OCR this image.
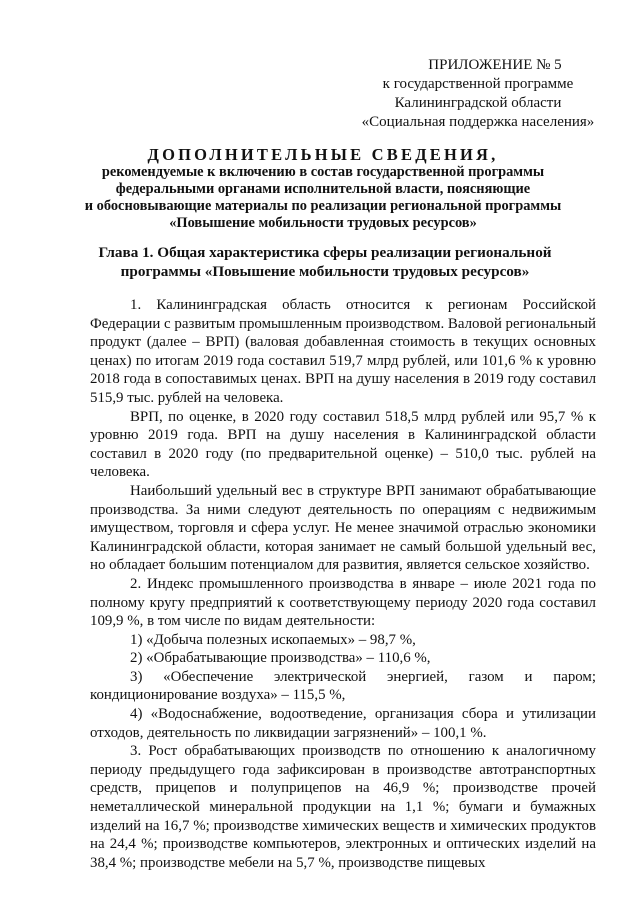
ПРИЛОЖЕНИЕ № 5
к государственной программе
Калининградской области
«Социальная поддержка населения»
ДОПОЛНИТЕЛЬНЫЕ СВЕДЕНИЯ,
рекомендуемые к включению в состав государственной программы
федеральными органами исполнительной власти, поясняющие
и обосновывающие материалы по реализации региональной программы
«Повышение мобильности трудовых ресурсов»
Глава 1. Общая характеристика сферы реализации региональной
программы «Повышение мобильности трудовых ресурсов»

1. Калининградская область относится к регионам Российской Федерации с развитым промышленным производством. Валовой региональный продукт (далее – ВРП) (валовая добавленная стоимость в текущих основных ценах) по итогам 2019 года составил 519,7 млрд рублей, или 101,6 % к уровню 2018 года в сопоставимых ценах. ВРП на душу населения в 2019 году составил 515,9 тыс. рублей на человека.

ВРП, по оценке, в 2020 году составил 518,5 млрд рублей или 95,7 % к уровню 2019 года. ВРП на душу населения в Калининградской области составил в 2020 году (по предварительной оценке) – 510,0 тыс. рублей на человека.

Наибольший удельный вес в структуре ВРП занимают обрабатывающие производства. За ними следуют деятельность по операциям с недвижимым имуществом, торговля и сфера услуг. Не менее значимой отраслью экономики Калининградской области, которая занимает не самый большой удельный вес, но обладает большим потенциалом для развития, является сельское хозяйство.

2. Индекс промышленного производства в январе – июле 2021 года по полному кругу предприятий к соответствующему периоду 2020 года составил 109,9 %, в том числе по видам деятельности:

1) «Добыча полезных ископаемых» – 98,7 %,

2) «Обрабатывающие производства» – 110,6 %,

3) «Обеспечение электрической энергией, газом и паром; кондиционирование воздуха» – 115,5 %,

4) «Водоснабжение, водоотведение, организация сбора и утилизации отходов, деятельность по ликвидации загрязнений» – 100,1 %.

3. Рост обрабатывающих производств по отношению к аналогичному периоду предыдущего года зафиксирован в производстве автотранспортных средств, прицепов и полуприцепов на 46,9 %; производстве прочей неметаллической минеральной продукции на 1,1 %; бумаги и бумажных изделий на 16,7 %; производстве химических веществ и химических продуктов на 24,4 %; производстве компьютеров, электронных и оптических изделий на 38,4 %; производстве мебели на 5,7 %, производстве пищевых
